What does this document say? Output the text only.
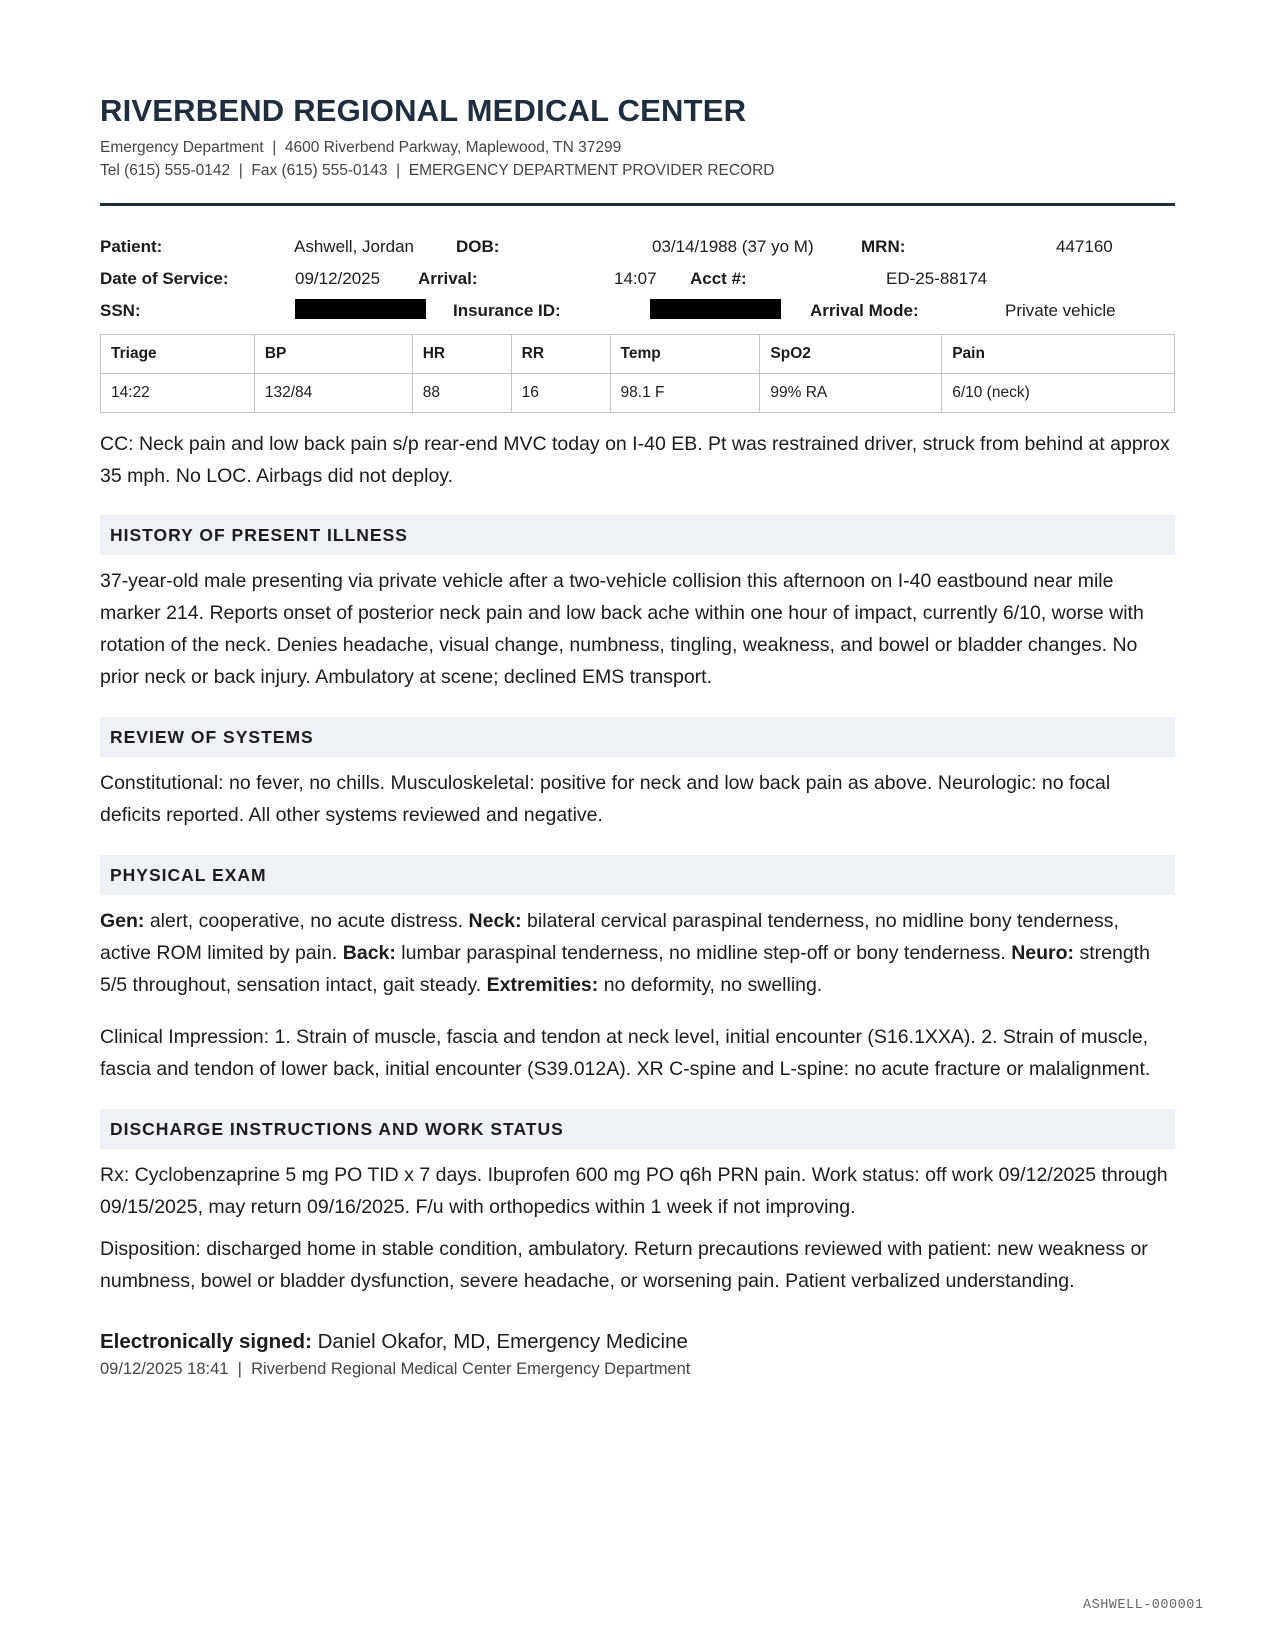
RIVERBEND REGIONAL MEDICAL CENTER
Emergency Department  |  4600 Riverbend Parkway, Maplewood, TN 37299
Tel (615) 555-0142  |  Fax (615) 555-0143  |  EMERGENCY DEPARTMENT PROVIDER RECORD
Patient:	Ashwell, Jordan DOB:	03/14/1988 (37 yo M)	MRN:	447160
Date of Service:	09/12/2025 Arrival:	14:07 Acct #:	ED-25-88174
SSN:	Insurance ID:	Arrival Mode:	Private vehicle
Triage	BP	HR	RR	Temp	SpO2	Pain
14:22	132/84	88	16	98.1 F	99% RA	6/10 (neck)

CC: Neck pain and low back pain s/p rear-end MVC today on I-40 EB. Pt was restrained driver, struck from behind at approx 35 mph. No LOC. Airbags did not deploy.

HISTORY OF PRESENT ILLNESS

37-year-old male presenting via private vehicle after a two-vehicle collision this afternoon on I-40 eastbound near mile marker 214. Reports onset of posterior neck pain and low back ache within one hour of impact, currently 6/10, worse with rotation of the neck. Denies headache, visual change, numbness, tingling, weakness, and bowel or bladder changes. No prior neck or back injury. Ambulatory at scene; declined EMS transport.

REVIEW OF SYSTEMS

Constitutional: no fever, no chills. Musculoskeletal: positive for neck and low back pain as above. Neurologic: no focal deficits reported. All other systems reviewed and negative.

PHYSICAL EXAM

Gen: alert, cooperative, no acute distress. Neck: bilateral cervical paraspinal tenderness, no midline bony tenderness, active ROM limited by pain. Back: lumbar paraspinal tenderness, no midline step-off or bony tenderness. Neuro: strength 5/5 throughout, sensation intact, gait steady. Extremities: no deformity, no swelling.

Clinical Impression: 1. Strain of muscle, fascia and tendon at neck level, initial encounter (S16.1XXA). 2. Strain of muscle, fascia and tendon of lower back, initial encounter (S39.012A). XR C-spine and L-spine: no acute fracture or malalignment.

DISCHARGE INSTRUCTIONS AND WORK STATUS

Rx: Cyclobenzaprine 5 mg PO TID x 7 days. Ibuprofen 600 mg PO q6h PRN pain. Work status: off work 09/12/2025 through 09/15/2025, may return 09/16/2025. F/u with orthopedics within 1 week if not improving.

Disposition: discharged home in stable condition, ambulatory. Return precautions reviewed with patient: new weakness or numbness, bowel or bladder dysfunction, severe headache, or worsening pain. Patient verbalized understanding.

Electronically signed: Daniel Okafor, MD, Emergency Medicine

09/12/2025 18:41  |  Riverbend Regional Medical Center Emergency Department
ASHWELL-000001
